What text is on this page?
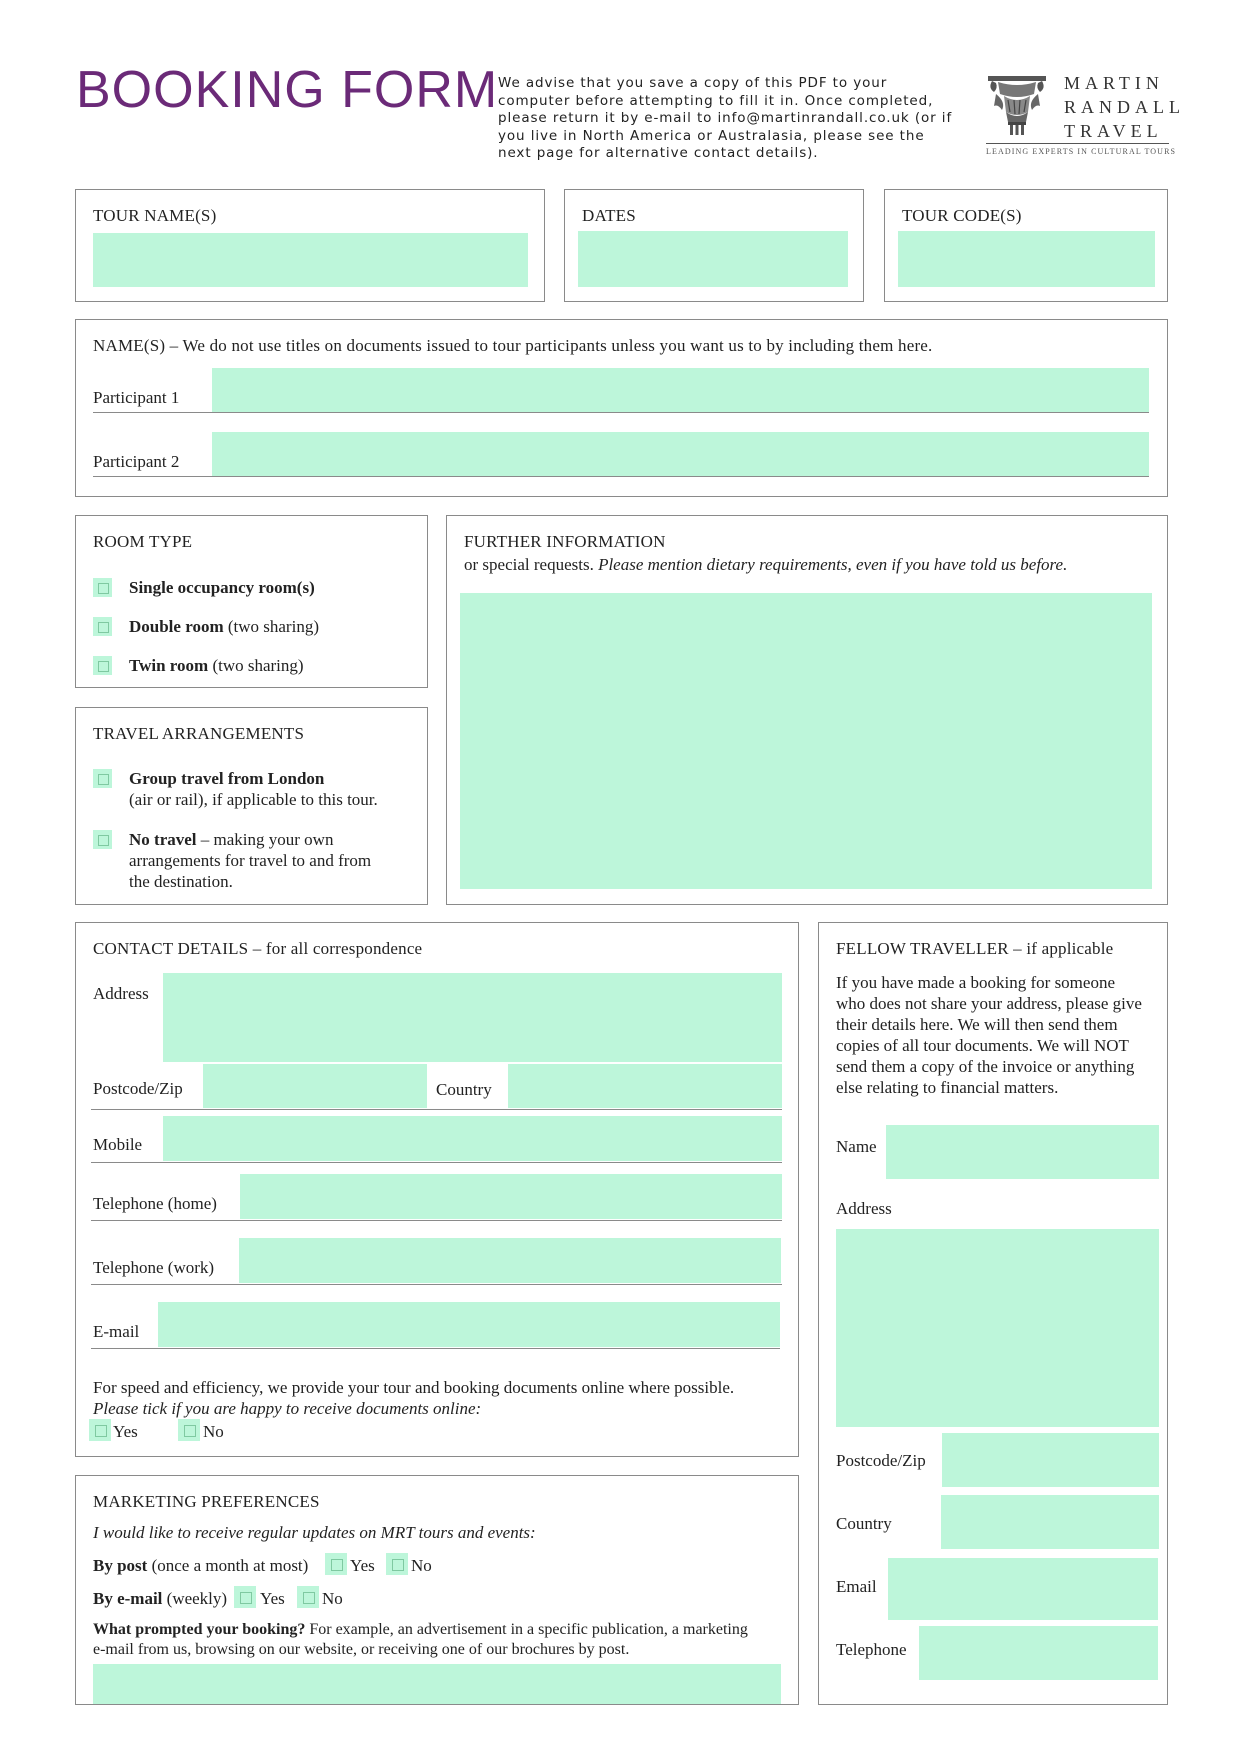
BOOKING FORM We advise that you save a copy of this PDF to your computer before attempting to fill it in. Once completed, please return it by e-mail to info@martinrandall.co.uk (or if you live in North America or Australasia, please see the next page for alternative contact details).
MARTIN
RANDALL
TRAVEL
LEADING EXPERTS IN CULTURAL TOURS
TOUR NAME(S)	DATES	TOUR CODE(S)
NAME(S) – We do not use titles on documents issued to tour participants unless you want us to by including them here.
Participant 1
Participant 2
ROOM TYPE
Single occupancy room(s)
Double room (two sharing)
Twin room (two sharing)
TRAVEL ARRANGEMENTS
Group travel from London
(air or rail), if applicable to this tour.
No travel – making your own
arrangements for travel to and from
the destination.
FURTHER INFORMATION
or special requests. Please mention dietary requirements, even if you have told us before.
CONTACT DETAILS – for all correspondence
Address
Postcode/Zip	Country
Mobile
Telephone (home)
Telephone (work)
E-mail
For speed and efficiency, we provide your tour and booking documents online where possible.
Please tick if you are happy to receive documents online:
Yes	No
MARKETING PREFERENCES
I would like to receive regular updates on MRT tours and events:
By post (once a month at most) Yes No
By e-mail (weekly) Yes No
What prompted your booking? For example, an advertisement in a specific publication, a marketing
e-mail from us, browsing on our website, or receiving one of our brochures by post.
FELLOW TRAVELLER – if applicable
If you have made a booking for someone
who does not share your address, please give
their details here. We will then send them
copies of all tour documents. We will NOT
send them a copy of the invoice or anything
else relating to financial matters.
Name
Address
Postcode/Zip
Country
Email
Telephone
